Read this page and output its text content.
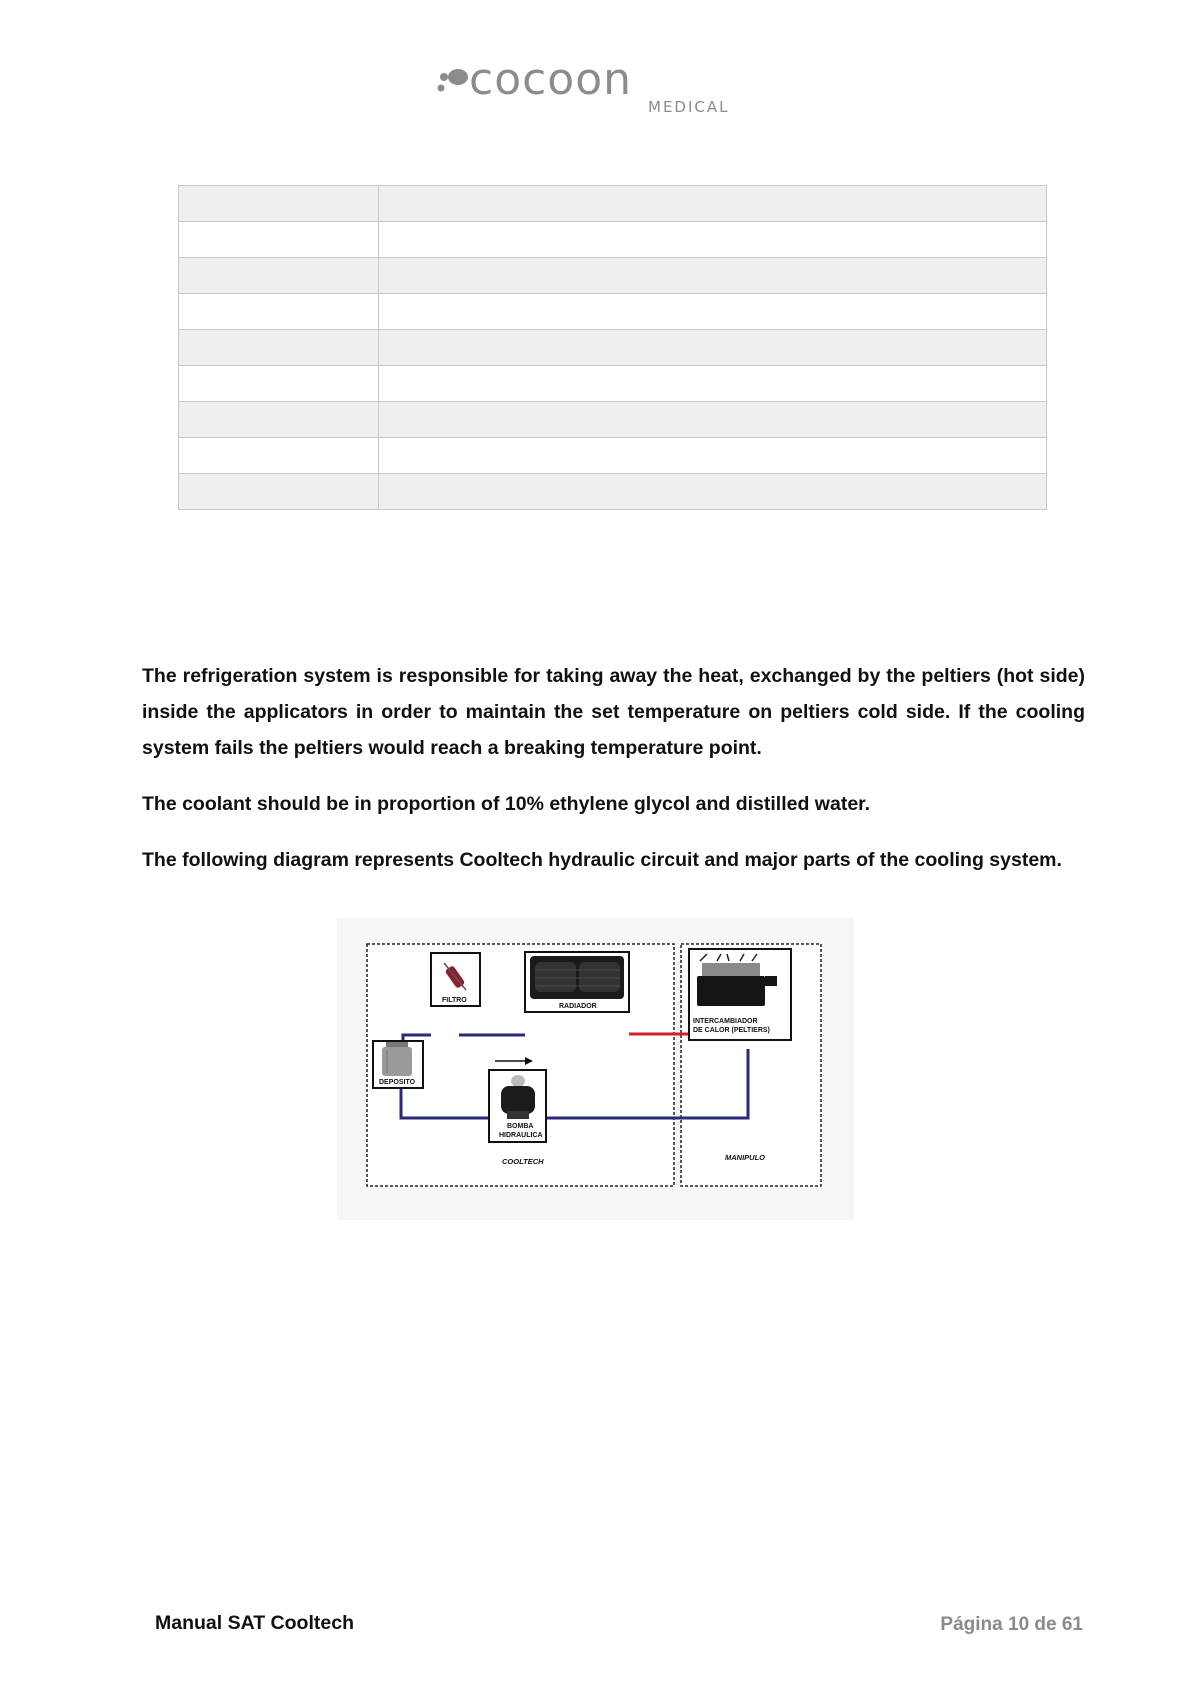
cocoon
MEDICAL

The refrigeration system is responsible for taking away the heat, exchanged by the peltiers (hot side) inside the applicators in order to maintain the set temperature on peltiers cold side. If the cooling system fails the peltiers would reach a breaking temperature point.

The coolant should be in proportion of 10% ethylene glycol and distilled water.

The following diagram represents Cooltech hydraulic circuit and major parts of the cooling system.

FILTRO
RADIADOR
INTERCAMBIADOR
DE CALOR (PELTIERS)
DEPOSITO
BOMBA
HIDRAULICA
COOLTECH	MANIPULO
Manual SAT Cooltech	Página 10 de 61
